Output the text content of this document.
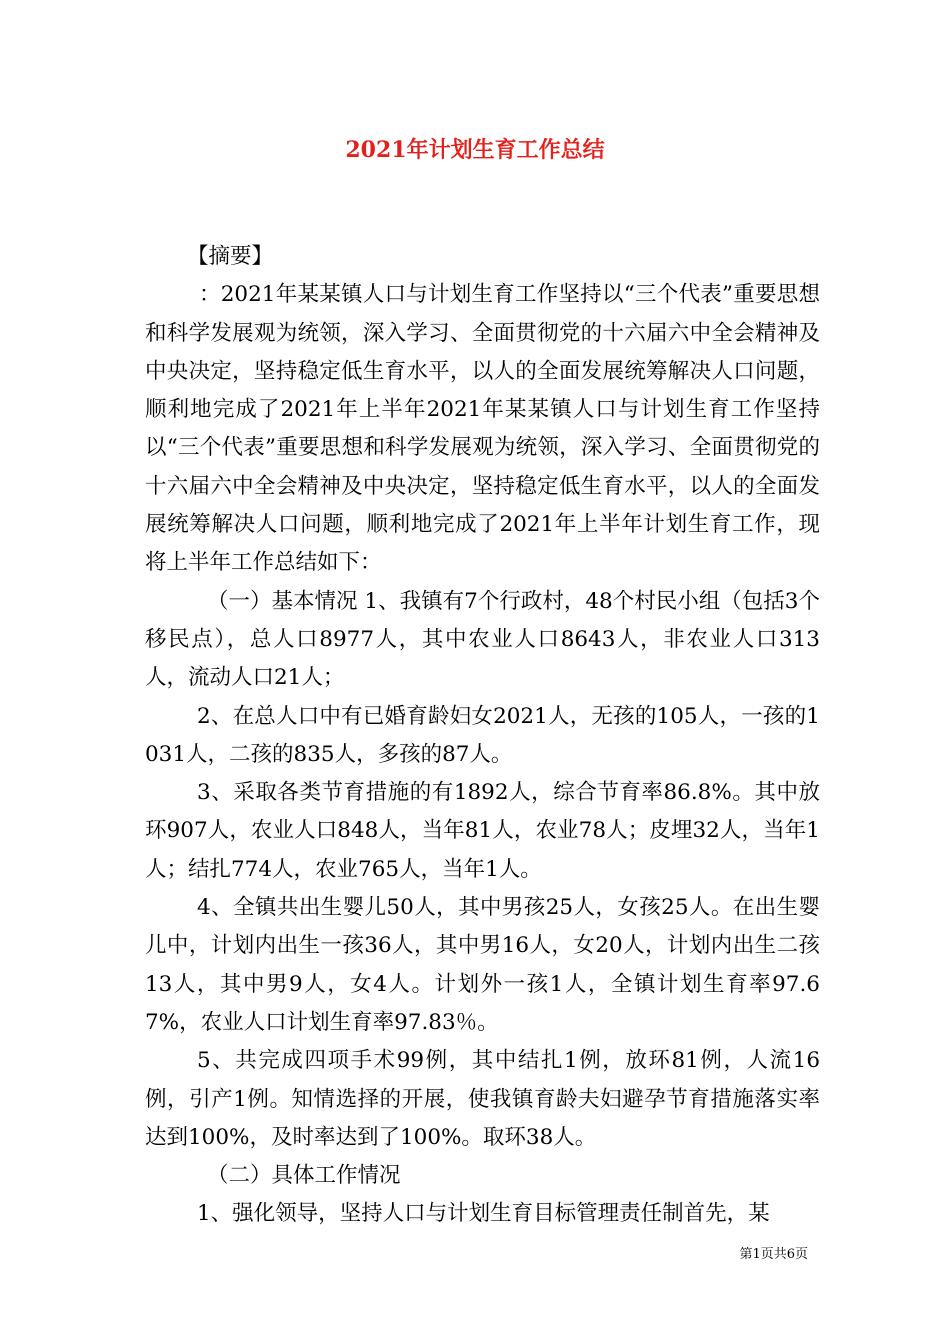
2021年计划生育工作总结

【摘要】

：2021年某某镇人口与计划生育工作坚持以“三个代表”重要思想和科学发展观为统领，深入学习、全面贯彻党的十六届六中全会精神及中央决定，坚持稳定低生育水平，以人的全面发展统筹解决人口问题，顺利地完成了2021年上半年2021年某某镇人口与计划生育工作坚持以“三个代表”重要思想和科学发展观为统领，深入学习、全面贯彻党的十六届六中全会精神及中央决定，坚持稳定低生育水平，以人的全面发展统筹解决人口问题，顺利地完成了2021年上半年计划生育工作，现将上半年工作总结如下：

（一）基本情况 1、我镇有7个行政村，48个村民小组（包括3个移民点），总人口8977人，其中农业人口8643人，非农业人口313人，流动人口21人；

2、在总人口中有已婚育龄妇女2021人，无孩的105人，一孩的1031人，二孩的835人，多孩的87人。

3、采取各类节育措施的有1892人，综合节育率86.8%。其中放环907人，农业人口848人，当年81人，农业78人；皮埋32人，当年1人；结扎774人，农业765人，当年1人。

4、全镇共出生婴儿50人，其中男孩25人，女孩25人。在出生婴儿中，计划内出生一孩36人，其中男16人，女20人，计划内出生二孩13人，其中男9人，女4人。计划外一孩1人，全镇计划生育率97.67%，农业人口计划生育率97.83％。

5、共完成四项手术99例，其中结扎1例，放环81例，人流16例，引产1例。知情选择的开展，使我镇育龄夫妇避孕节育措施落实率达到100%，及时率达到了100%。取环38人。

（二）具体工作情况

1、强化领导，坚持人口与计划生育目标管理责任制首先，某

第1页共6页
